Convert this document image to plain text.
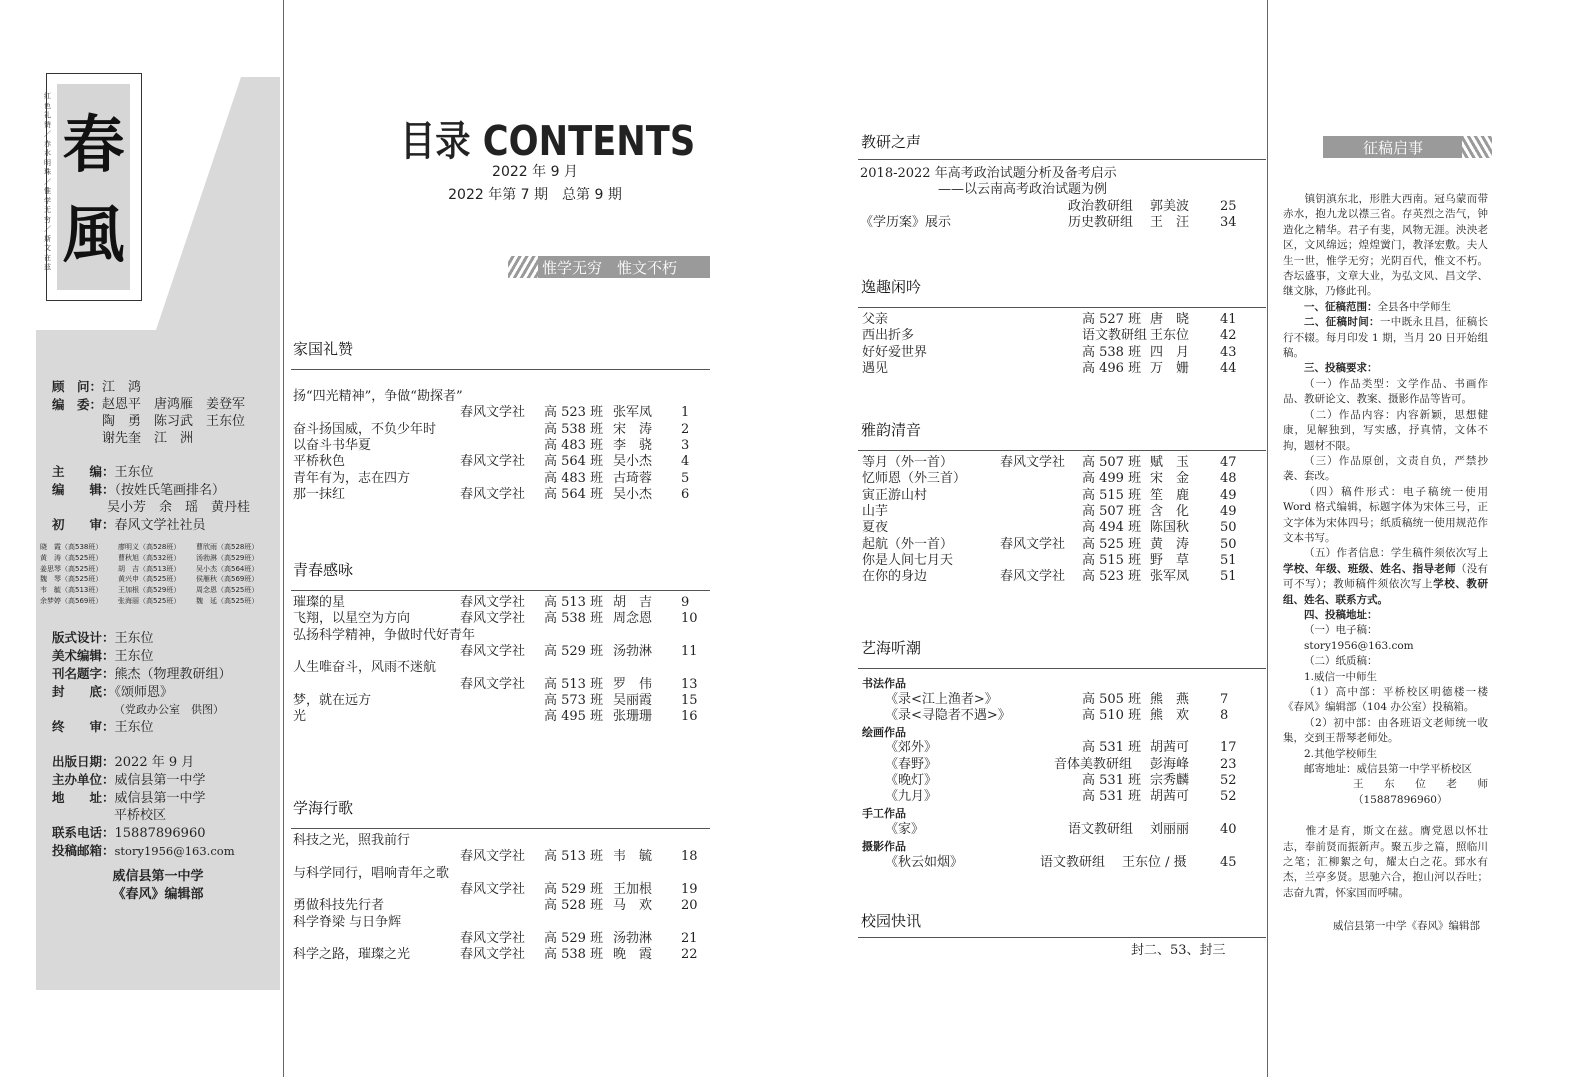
红色礼赞／赤水明珠／惟学无穷／斯文在兹
春
風
顾　问：江　鸿
编　委： 赵恩平　唐鸿雁　姜登军
陶　勇　陈习武　王东位
谢先奎　江　洲
主　　编：王东位
编　　辑：（按姓氏笔画排名）
吴小芳　余　瑶　黄丹桂
初　　审：春风文学社社员
晓　霞（高538班）	廖明义（高528班）	曹欣雨（高528班）
黄　涛（高525班）	曹秋旭（高532班）	汤勃淋（高529班）
姜思琴（高525班）	胡　吉（高513班）	吴小杰（高564班）
魏　琴（高525班）	黄兴申（高525班）	侯雁秋（高569班）
韦　毓（高513班）	王加根（高529班）	周念恩（高525班）
余梦婷（高569班）	张海丽（高525班）	魏　延（高525班）
版式设计：王东位
美术编辑：王东位
刊名题字：熊杰（物理教研组）
封　　底：《颂师恩》
（党政办公室　供图）
终　　审：王东位
出版日期：2022 年 9 月
主办单位：威信县第一中学
地　　址：威信县第一中学
平桥校区
联系电话：15887896960
投稿邮箱：story1956@163.com
威信县第一中学
《春风》编辑部
目录 CONTENTS
2022 年 9 月
2022 年第 7 期　总第 9 期
惟学无穷　惟文不朽
家国礼赞
扬“四光精神”，争做“勘探者”
春风文学社 高 523 班 张军凤 1
奋斗扬国威，不负少年时	高 538 班 宋　涛 2
以奋斗书华夏	高 483 班 李　骁 3
平桥秋色	春风文学社 高 564 班 吴小杰 4
青年有为，志在四方	高 483 班 古琦蓉 5
那一抹红	春风文学社 高 564 班 吴小杰 6
青春感咏
璀璨的星	春风文学社 高 513 班 胡　吉 9
飞翔，以星空为方向	春风文学社 高 538 班 周念恩 10
弘扬科学精神，争做时代好青年
春风文学社 高 529 班 汤勃淋 11
人生唯奋斗，风雨不迷航
春风文学社 高 513 班 罗　伟 13
梦，就在远方	高 573 班 吴丽霞 15
光	高 495 班 张珊珊 16
学海行歌
科技之光，照我前行
春风文学社 高 513 班 韦　毓 18
与科学同行，唱响青年之歌
春风文学社 高 529 班 王加根 19
勇做科技先行者	高 528 班 马　欢 20
科学脊梁 与日争辉
春风文学社 高 529 班 汤勃淋 21
科学之路，璀璨之光	春风文学社 高 538 班 晚　霞 22
教研之声
2018-2022 年高考政治试题分析及备考启示
　　　　　　——以云南高考政治试题为例
政治教研组 郭美波 25
《学历案》展示	历史教研组 王　汪 34
逸趣闲吟
父亲	高 527 班 唐　晓 41
西出折多	语文教研组 王东位 42
好好爱世界	高 538 班 四　月 43
遇见	高 496 班 万　姗 44
雅韵清音
等月（外一首）	春风文学社 高 507 班 赋　玉 47
忆师恩（外三首）	高 499 班 宋　金 48
寅正游山村	高 515 班 笙　鹿 49
山芋	高 507 班 含　化 49
夏夜	高 494 班 陈国秋 50
起航（外一首）	春风文学社 高 525 班 黄　涛 50
你是人间七月天	高 515 班 野　草 51
在你的身边	春风文学社 高 523 班 张军凤 51
艺海听潮
书法作品
绘画作品
手工作品
摄影作品
《录<江上渔者>》	高 505 班 熊　燕 7
《录<寻隐者不遇>》	高 510 班 熊　欢 8
《郊外》	高 531 班 胡茜可 17
《春野》	音体美教研组 彭海峰 23
《晚灯》	高 531 班 宗秀麟 52
《九月》	高 531 班 胡茜可 52
《家》	语文教研组 刘丽丽 40
《秋云如烟》	语文教研组 王东位 / 摄	45
校园快讯
封二、53、封三
征稿启事
　　镇钥滇东北，形胜大西南。冠乌蒙而带赤水，抱九龙以襟三省。存英烈之浩气，钟造化之精华。君子有斐，风物无涯。泱泱老区，文风绵远；煌煌黉门，教泽宏敷。夫人生一世，惟学无穷；光阴百代，惟文不朽。杏坛盛事，文章大业，为弘文风、昌文学、继文脉，乃修此刊。
一、征稿范围：全县各中学师生
二、征稿时间：一中既永且昌，征稿长行不辍。每月印发 1 期，当月 20 日开始组稿。
三、投稿要求：
（一）作品类型：文学作品、书画作品、教研论文、教案、摄影作品等皆可。
（二）作品内容：内容新颖，思想健康，见解独到，写实感，抒真情，文体不拘，题材不限。
（三）作品原创，文责自负，严禁抄袭、套改。
（四）稿件形式：电子稿统一使用 Word 格式编辑，标题字体为宋体三号，正文字体为宋体四号；纸质稿统一使用规范作文本书写。
（五）作者信息：学生稿件须依次写上学校、年级、班级、姓名、指导老师（没有可不写）；教师稿件须依次写上学校、教研组、姓名、联系方式。
四、投稿地址：
（一）电子稿：
story1956@163.com
（二）纸质稿：
1.威信一中师生
（1）高中部：平桥校区明德楼一楼《春风》编辑部（104 办公室）投稿箱。
（2）初中部：由各班语文老师统一收集，交到王帮琴老师处。
2.其他学校师生
邮寄地址：威信县第一中学平桥校区
王东位老师（15887896960）
　　惟才是育，斯文在兹。膺党恩以怀壮志，奉前贤而振新声。聚五步之篇，照临川之笔；汇柳絮之句，耀太白之花。郅水有杰，兰亭多贤。思驰六合，抱山河以吞吐；志奋九霄，怀家国而呼啸。
威信县第一中学《春风》编辑部
